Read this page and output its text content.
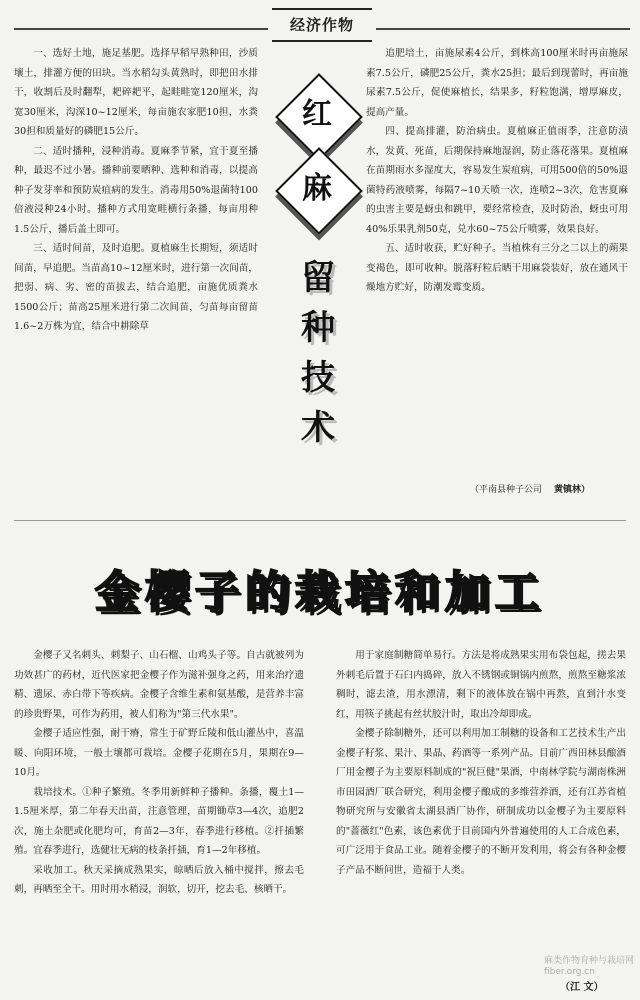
经济作物

一、选好土地，施足基肥。选择早稻早熟种田，沙质壤土，排灌方便的田块。当水稻勾头黄熟时，即把田水排干，收割后及时翻犁，耙碎耙平，起畦畦宽120厘米，沟宽30厘米，沟深10~12厘米，每亩施农家肥10担，水粪30担和质量好的磷肥15公斤。

二、适时播种，浸种消毒。夏麻季节紧，宜于夏至播种，最迟不过小暑。播种前要晒种、选种和消毒，以提高种子发芽率和预防炭疽病的发生。消毒用50%退菌特100倍液浸种24小时。播种方式用宽畦横行条播，每亩用种1.5公斤，播后盖土即可。

三、适时间苗，及时追肥。夏植麻生长期短，须适时间苗，早追肥。当苗高10~12厘米时，进行第一次间苗，把弱、病、劣、密的苗拔去，结合追肥，亩施优质粪水1500公斤；苗高25厘米进行第二次间苗，匀苗每亩留苗1.6~2万株为宜，结合中耕除草

红
麻
留
种
技
术

追肥培土，亩施尿素4公斤，到株高100厘米时再亩施尿素7.5公斤，磷肥25公斤，粪水25担；最后到现蕾时，再亩施尿素7.5公斤，促使麻植长，结果多，籽粒饱满，增厚麻皮，提高产量。

四、提高排灌，防治病虫。夏植麻正值雨季，注意防渍水，发黄、死苗，后期保持麻地湿润，防止落花落果。夏植麻在苗期雨水多湿度大，容易发生炭疽病，可用500倍的50%退菌特药液喷雾，每隔7~10天喷一次，连喷2~3次，危害夏麻的虫害主要是蚜虫和跳甲，要经常检查，及时防治，蚜虫可用40%乐果乳剂50克，兑水60~75公斤喷雾，效果良好。

五、适时收获，贮好种子。当植株有三分之二以上的蒴果变褐色，即可收种。脱落籽粒后晒干用麻袋装好，放在通风干燥地方贮好，防潮发霉变质。

（平南县种子公司 黄镇林）
金樱子的栽培和加工

金樱子又名刺头、刺梨子、山石榴、山鸡头子等。自古就被列为功效甚广的药材，近代医家把金樱子作为滋补强身之药，用来治疗遗精、遗尿、赤白带下等疾病。金樱子含维生素和氨基酸，是营养丰富的珍贵野果，可作为药用，被人们称为"第三代水果"。

金樱子适应性强，耐干瘠，常生于矿野丘陵和低山灌丛中，喜温暖、向阳环境，一般土壤都可栽培。金樱子花期在5月，果期在9—10月。

栽培技术。①种子繁殖。冬季用新鲜种子播种。条播，覆土1—1.5厘米厚，第二年春天出苗，注意管理，苗期锄草3—4次，追肥2次，施土杂肥或化肥均可，育苗2—3年，春季进行移植。②扦插繁殖。宜春季进行，选健壮无病的枝条扦插，育1—2年移植。

采收加工。秋天采摘成熟果实，晾晒后放入桶中搅拌，擦去毛刺，再晒至全干。用时用水稍浸，润软，切开，挖去毛、核晒干。

用于家庭制糖简单易行。方法是将成熟果实用布袋包起，搓去果外刺毛后置于石臼内捣碎，放入不锈钢或铜锅内煎熬，煎熬至糖浆浓稠时，滤去渣，用水漂清，剩下的液体放在锅中再熬，直到汁水变红，用筷子挑起有丝状胶汁时，取出冷却即成。

金樱子除制糖外，还可以利用加工制糖的设备和工艺技术生产出金樱子籽浆、果汁、果晶、药酒等一系列产品。目前广西田林县酿酒厂用金樱子为主要原料制成的"祝巨健"果酒，中南林学院与湖南株洲市田园酒厂联合研究，利用金樱子酿成的多维营养酒，还有江苏省植物研究所与安徽省太湖县酒厂协作，研制成功以金樱子为主要原料的"蔷薇红"色素，该色素优于目前国内外普遍使用的人工合成色素，可广泛用于食品工业。随着金樱子的不断开发利用，将会有各种金樱子产品不断问世，造福于人类。

麻类作物育种与栽培网 fiber.org.cn
（江 文）
